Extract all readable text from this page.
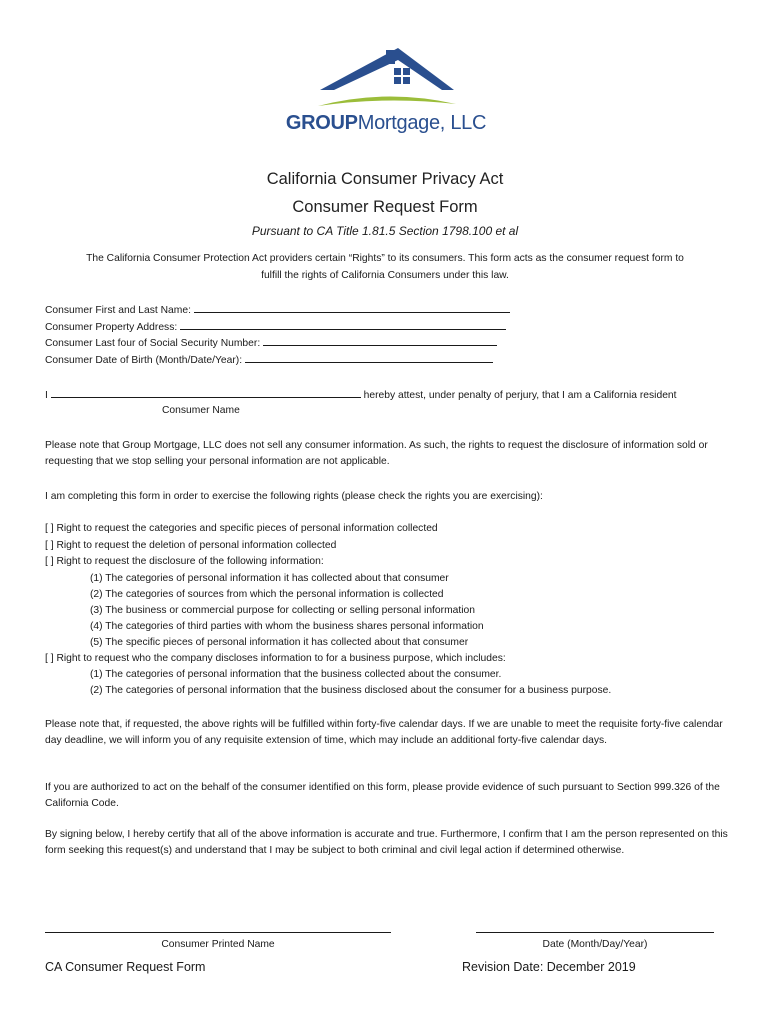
GROUPMortgage, LLC
California Consumer Privacy Act
Consumer Request Form
Pursuant to CA Title 1.81.5 Section 1798.100 et al
The California Consumer Protection Act providers certain “Rights” to its consumers. This form acts as the consumer request form to
fulfill the rights of California Consumers under this law.
Consumer First and Last Name:
Consumer Property Address:
Consumer Last four of Social Security Number:
Consumer Date of Birth (Month/Date/Year):
I	hereby attest, under penalty of perjury, that I am a California resident
Consumer Name
Please note that Group Mortgage, LLC does not sell any consumer information. As such, the rights to request the disclosure of information sold or requesting that we stop selling your personal information are not applicable.
I am completing this form in order to exercise the following rights (please check the rights you are exercising):
[ ] Right to request the categories and specific pieces of personal information collected
[ ] Right to request the deletion of personal information collected
[ ] Right to request the disclosure of the following information:
(1) The categories of personal information it has collected about that consumer
(2) The categories of sources from which the personal information is collected
(3) The business or commercial purpose for collecting or selling personal information
(4) The categories of third parties with whom the business shares personal information
(5) The specific pieces of personal information it has collected about that consumer
[ ] Right to request who the company discloses information to for a business purpose, which includes:
(1) The categories of personal information that the business collected about the consumer.
(2) The categories of personal information that the business disclosed about the consumer for a business purpose.
Please note that, if requested, the above rights will be fulfilled within forty-five calendar days. If we are unable to meet the requisite forty-five calendar day deadline, we will inform you of any requisite extension of time, which may include an additional forty-five calendar days.
If you are authorized to act on the behalf of the consumer identified on this form, please provide evidence of such pursuant to Section 999.326 of the California Code.
By signing below, I hereby certify that all of the above information is accurate and true. Furthermore, I confirm that I am the person represented on this form seeking this request(s) and understand that I may be subject to both criminal and civil legal action if determined otherwise.
Consumer Printed Name	Date (Month/Day/Year)
CA Consumer Request Form	Revision Date: December 2019
